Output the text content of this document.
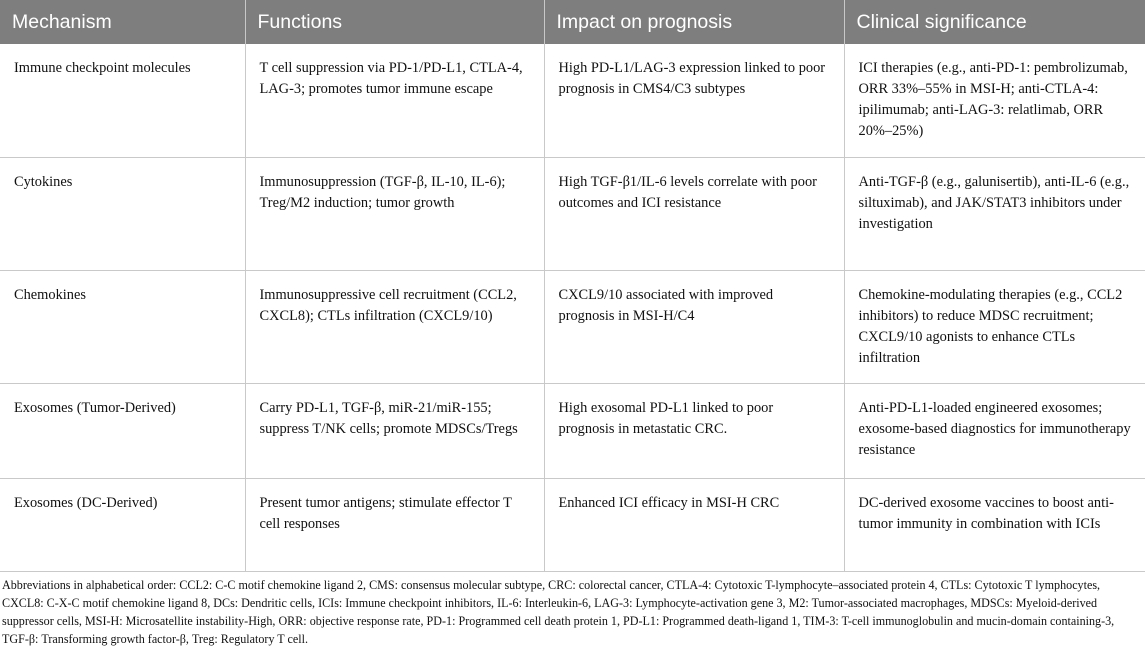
Mechanism	Functions	Impact on prognosis	Clinical significance
Immune checkpoint molecules	T cell suppression via PD-1/PD-L1, CTLA-4, LAG-3; promotes tumor immune escape	High PD-L1/LAG-3 expression linked to poor prognosis in CMS4/C3 subtypes	ICI therapies (e.g., anti-PD-1: pembrolizumab, ORR 33%–55% in MSI-H; anti-CTLA-4: ipilimumab; anti-LAG-3: relatlimab, ORR 20%–25%)
Cytokines	Immunosuppression (TGF-β, IL-10, IL-6); Treg/M2 induction; tumor growth	High TGF-β1/IL-6 levels correlate with poor outcomes and ICI resistance	Anti-TGF-β (e.g., galunisertib), anti-IL-6 (e.g., siltuximab), and JAK/STAT3 inhibitors under investigation
Chemokines	Immunosuppressive cell recruitment (CCL2, CXCL8); CTLs infiltration (CXCL9/10)	CXCL9/10 associated with improved prognosis in MSI-H/C4	Chemokine-modulating therapies (e.g., CCL2 inhibitors) to reduce MDSC recruitment; CXCL9/10 agonists to enhance CTLs infiltration
Exosomes (Tumor-Derived)	Carry PD-L1, TGF-β, miR-21/miR-155; suppress T/NK cells; promote MDSCs/Tregs	High exosomal PD-L1 linked to poor prognosis in metastatic CRC.	Anti-PD-L1-loaded engineered exosomes; exosome-based diagnostics for immunotherapy resistance
Exosomes (DC-Derived)	Present tumor antigens; stimulate effector T cell responses	Enhanced ICI efficacy in MSI-H CRC	DC-derived exosome vaccines to boost anti-tumor immunity in combination with ICIs
Abbreviations in alphabetical order: CCL2: C-C motif chemokine ligand 2, CMS: consensus molecular subtype, CRC: colorectal cancer, CTLA-4: Cytotoxic T-lymphocyte–associated protein 4, CTLs: Cytotoxic T lymphocytes, CXCL8: C-X-C motif chemokine ligand 8, DCs: Dendritic cells, ICIs: Immune checkpoint inhibitors, IL-6: Interleukin-6, LAG-3: Lymphocyte-activation gene 3, M2: Tumor-associated macrophages, MDSCs: Myeloid-derived suppressor cells, MSI-H: Microsatellite instability-High, ORR: objective response rate, PD-1: Programmed cell death protein 1, PD-L1: Programmed death-ligand 1, TIM-3: T-cell immunoglobulin and mucin-domain containing-3, TGF-β: Transforming growth factor-β, Treg: Regulatory T cell.
